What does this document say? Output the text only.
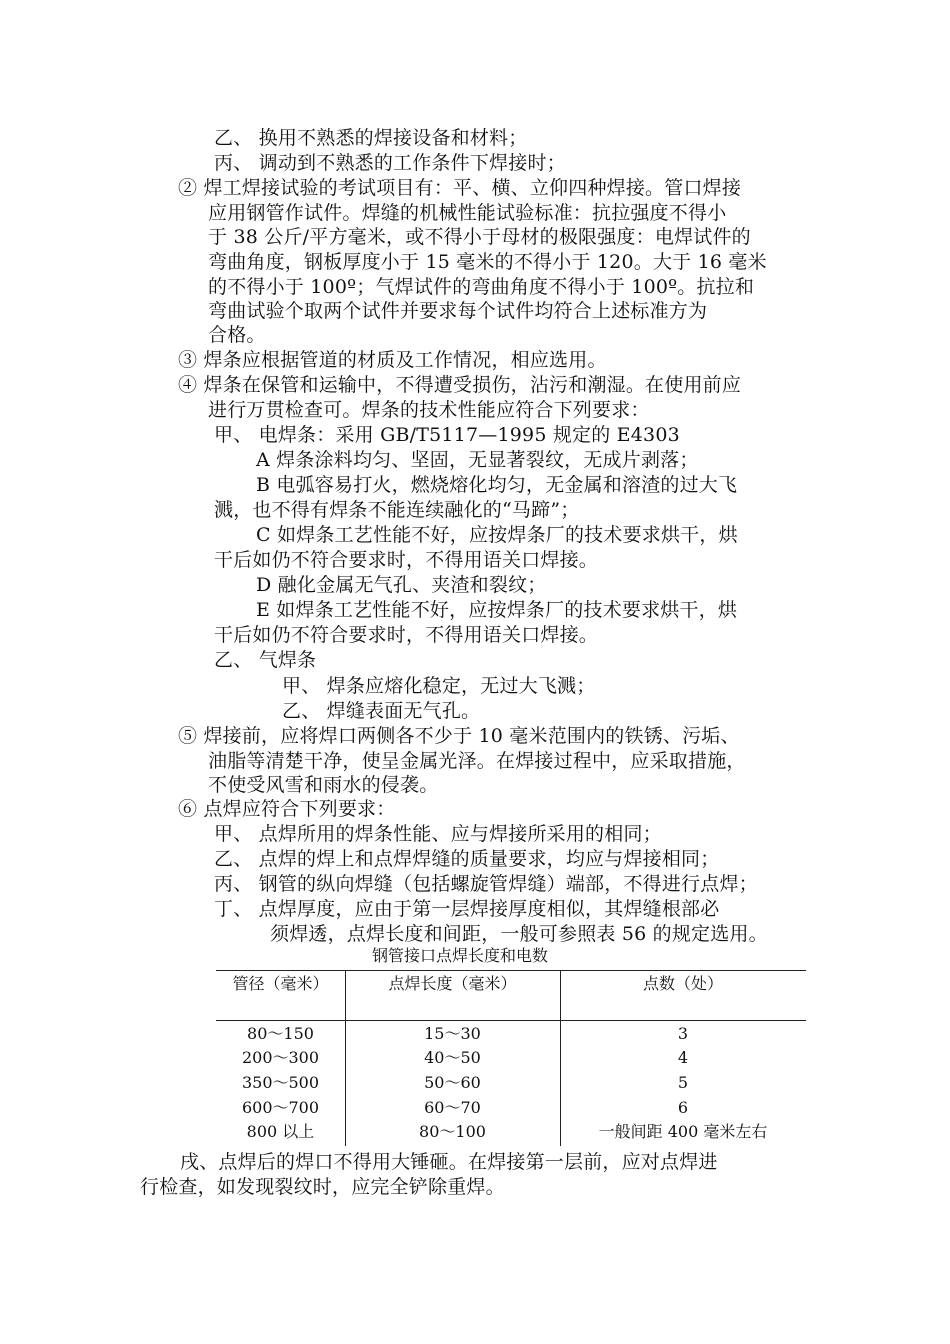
乙、 换用不熟悉的焊接设备和材料；
丙、 调动到不熟悉的工作条件下焊接时；
② 焊工焊接试验的考试项目有：平、横、立仰四种焊接。管口焊接
应用钢管作试件。焊缝的机械性能试验标准：抗拉强度不得小
于 38 公斤/平方毫米，或不得小于母材的极限强度：电焊试件的
弯曲角度，钢板厚度小于 15 毫米的不得小于 120。大于 16 毫米
的不得小于 100º；气焊试件的弯曲角度不得小于 100º。抗拉和
弯曲试验个取两个试件并要求每个试件均符合上述标准方为
合格。
③ 焊条应根据管道的材质及工作情况，相应选用。
④ 焊条在保管和运输中，不得遭受损伤，沾污和潮湿。在使用前应
进行万贯检查可。焊条的技术性能应符合下列要求：
甲、 电焊条：采用 GB/T5117—1995 规定的 E4303
A 焊条涂料均匀、坚固，无显著裂纹，无成片剥落；
B 电弧容易打火，燃烧熔化均匀，无金属和溶渣的过大飞
溅，也不得有焊条不能连续融化的“马蹄”；
C 如焊条工艺性能不好，应按焊条厂的技术要求烘干，烘
干后如仍不符合要求时，不得用语关口焊接。
D 融化金属无气孔、夹渣和裂纹；
E 如焊条工艺性能不好，应按焊条厂的技术要求烘干，烘
干后如仍不符合要求时，不得用语关口焊接。
乙、 气焊条
甲、 焊条应熔化稳定，无过大飞溅；
乙、 焊缝表面无气孔。
⑤ 焊接前，应将焊口两侧各不少于 10 毫米范围内的铁锈、污垢、
油脂等清楚干净，使呈金属光泽。在焊接过程中，应采取措施，
不使受风雪和雨水的侵袭。
⑥ 点焊应符合下列要求：
甲、 点焊所用的焊条性能、应与焊接所采用的相同；
乙、 点焊的焊上和点焊焊缝的质量要求，均应与焊接相同；
丙、 钢管的纵向焊缝（包括螺旋管焊缝）端部，不得进行点焊；
丁、 点焊厚度，应由于第一层焊接厚度相似，其焊缝根部必
须焊透，点焊长度和间距，一般可参照表 56 的规定选用。
钢管接口点焊长度和电数
管径（毫米）	点焊长度（毫米）	点数（处）
80～150	15～30	3
200～300	40～50	4
350～500	50～60	5
600～700	60～70	6
800 以上	80～100	一般间距 400 毫米左右
戌、点焊后的焊口不得用大锤砸。在焊接第一层前，应对点焊进
行检查，如发现裂纹时，应完全铲除重焊。
